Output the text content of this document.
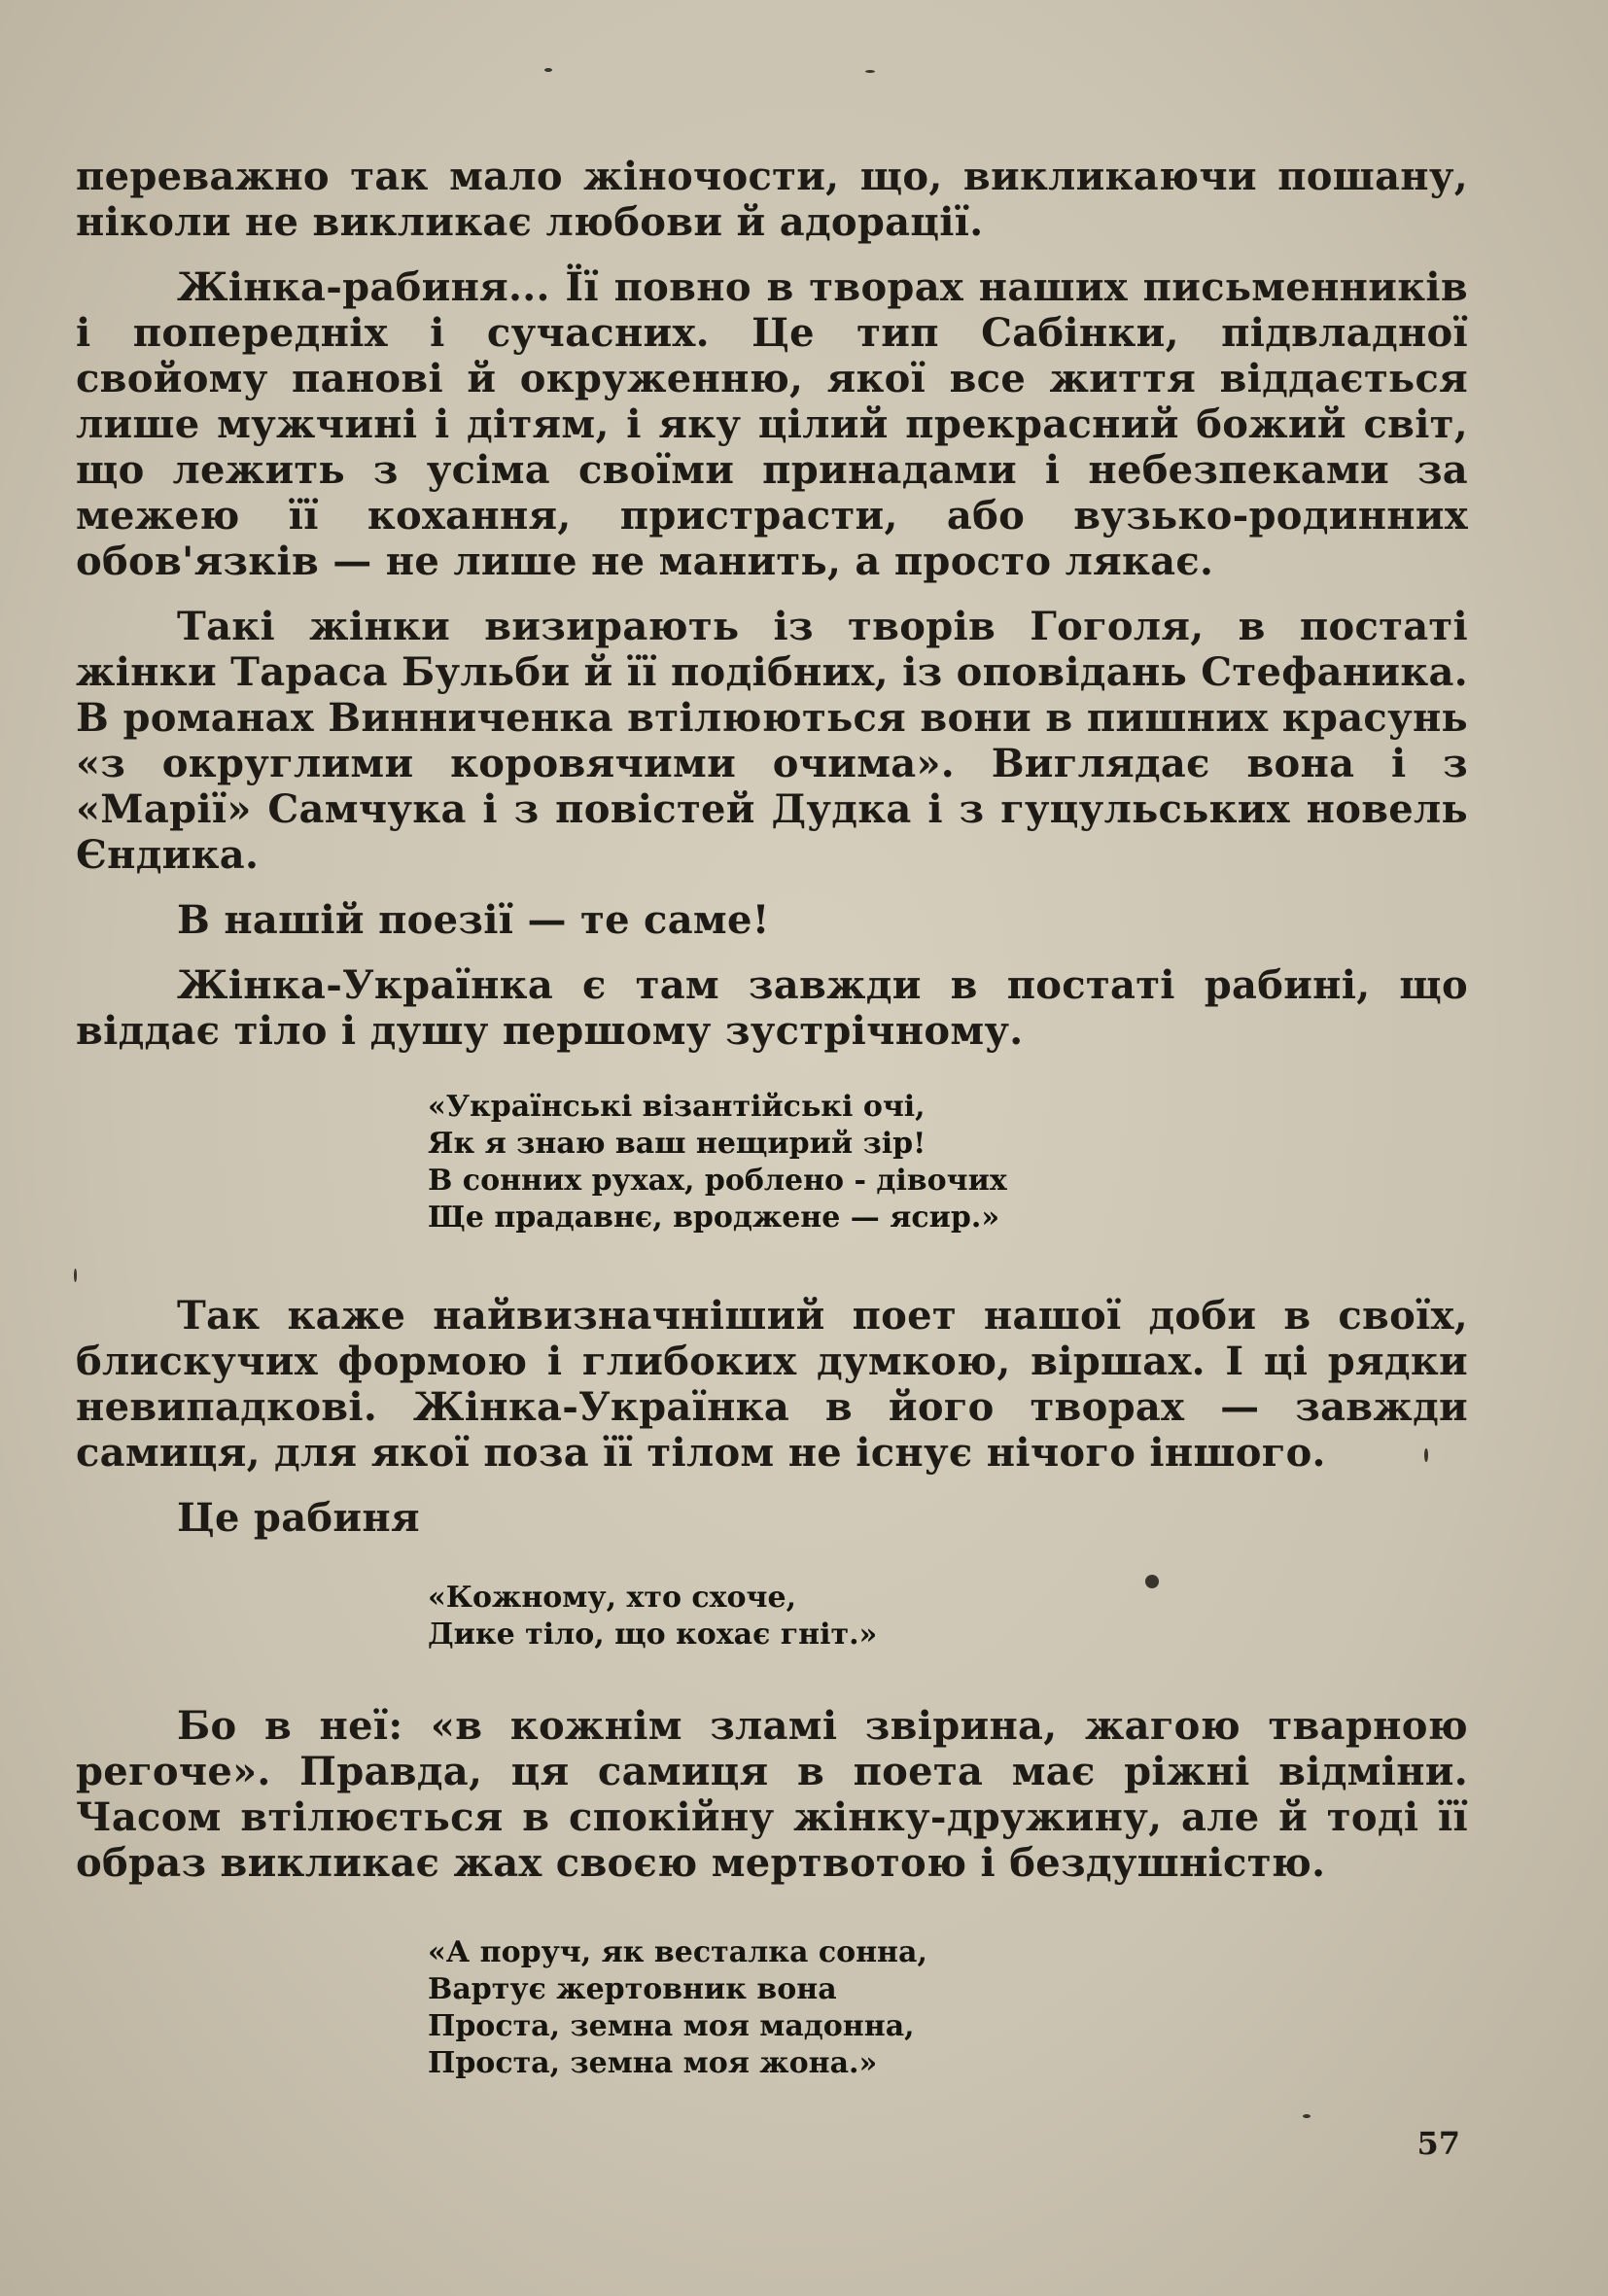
переважно так мало жіночости, що, викликаючи пошану, ніколи не викликає любови й адорації.

Жінка-рабиня... Її повно в творах наших письменників і попередніх і сучасних. Це тип Сабінки, підвладної свойому панові й окруженню, якої все життя віддається лише мужчині і дітям, і яку цілий прекрасний божий світ, що лежить з усіма своїми принадами і небезпеками за межею її кохання, пристрасти, або вузько-родинних обов'язків — не лише не манить, а просто лякає.

Такі жінки визирають із творів Гоголя, в постаті жінки Тараса Бульби й її подібних, із оповідань Стефаника. В романах Винниченка втілюються вони в пишних красунь «з округлими коровячими очима». Виглядає вона і з «Марії» Самчука і з повістей Дудка і з гуцульських новель Єндика.

В нашій поезії — те саме!

Жінка-Українка є там завжди в постаті рабині, що віддає тіло і душу першому зустрічному.

«Українські візантійські очі,
Як я знаю ваш нещирий зір!
В сонних рухах, роблено - дівочих
Ще прадавнє, вроджене — ясир.»

Так каже найвизначніший поет нашої доби в своїх, блискучих формою і глибоких думкою, віршах. І ці рядки невипадкові. Жінка-Українка в його творах — завжди самиця, для якої поза її тілом не існує нічого іншого.

Це рабиня

«Кожному, хто схоче,
Дике тіло, що кохає гніт.»

Бо в неї: «в кожнім зламі звірина, жагою тварною регоче». Правда, ця самиця в поета має ріжні відміни. Часом втілюється в спокійну жінку-дружину, але й тоді її образ викликає жах своєю мертвотою і бездушністю.

«А поруч, як весталка сонна,
Вартує жертовник вона
Проста, земна моя мадонна,
Проста, земна моя жона.»
57
